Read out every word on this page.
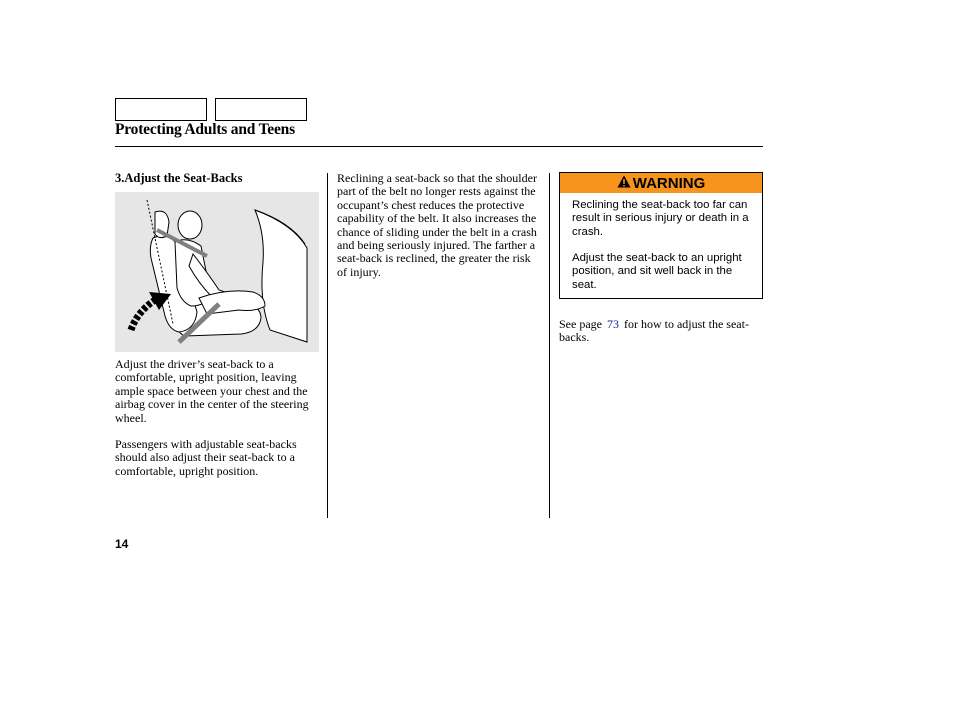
Protecting Adults and Teens
3.Adjust the Seat-Backs
Adjust the driver’s seat-back to a comfortable, upright position, leaving ample space between your chest and the airbag cover in the center of the steering wheel.
Passengers with adjustable seat-backs should also adjust their seat-back to a comfortable, upright position.
Reclining a seat-back so that the shoulder part of the belt no longer rests against the occupant’s chest reduces the protective capability of the belt. It also increases the chance of sliding under the belt in a crash and being seriously injured. The farther a seat-back is reclined, the greater the risk of injury.
WARNING
Reclining the seat-back too far can result in serious injury or death in a crash.
Adjust the seat-back to an upright position, and sit well back in the seat.
See page 73 for how to adjust the seat-backs.
14
